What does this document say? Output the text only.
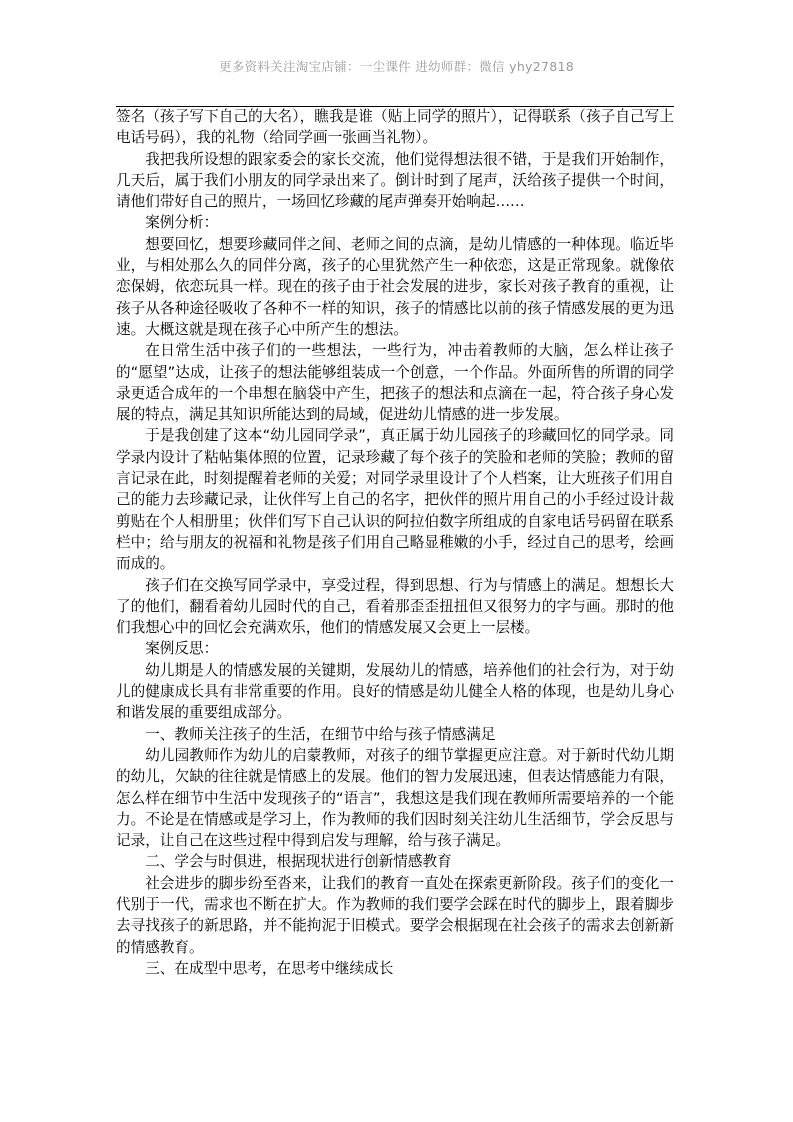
更多资料关注淘宝店铺：一尘课件 进幼师群：微信 yhy27818

签名（孩子写下自己的大名），瞧我是谁（贴上同学的照片），记得联系（孩子自己写上电话号码），我的礼物（给同学画一张画当礼物）。

我把我所设想的跟家委会的家长交流，他们觉得想法很不错，于是我们开始制作，几天后，属于我们小朋友的同学录出来了。倒计时到了尾声，沃给孩子提供一个时间，请他们带好自己的照片，一场回忆珍藏的尾声弹奏开始响起……

案例分析：

想要回忆，想要珍藏同伴之间、老师之间的点滴，是幼儿情感的一种体现。临近毕业，与相处那么久的同伴分离，孩子的心里犹然产生一种依恋，这是正常现象。就像依恋保姆，依恋玩具一样。现在的孩子由于社会发展的进步，家长对孩子教育的重视，让孩子从各种途径吸收了各种不一样的知识，孩子的情感比以前的孩子情感发展的更为迅速。大概这就是现在孩子心中所产生的想法。

在日常生活中孩子们的一些想法，一些行为，冲击着教师的大脑，怎么样让孩子的“愿望”达成，让孩子的想法能够组装成一个创意，一个作品。外面所售的所谓的同学录更适合成年的一个串想在脑袋中产生，把孩子的想法和点滴在一起，符合孩子身心发展的特点，满足其知识所能达到的局域，促进幼儿情感的进一步发展。

于是我创建了这本“幼儿园同学录”，真正属于幼儿园孩子的珍藏回忆的同学录。同学录内设计了粘帖集体照的位置，记录珍藏了每个孩子的笑脸和老师的笑脸；教师的留言记录在此，时刻提醒着老师的关爱；对同学录里设计了个人档案，让大班孩子们用自己的能力去珍藏记录，让伙伴写上自己的名字，把伙伴的照片用自己的小手经过设计裁剪贴在个人相册里；伙伴们写下自己认识的阿拉伯数字所组成的自家电话号码留在联系栏中；给与朋友的祝福和礼物是孩子们用自己略显稚嫩的小手，经过自己的思考，绘画而成的。

孩子们在交换写同学录中，享受过程，得到思想、行为与情感上的满足。想想长大了的他们，翻看着幼儿园时代的自己，看着那歪歪扭扭但又很努力的字与画。那时的他们我想心中的回忆会充满欢乐，他们的情感发展又会更上一层楼。

案例反思：

幼儿期是人的情感发展的关键期，发展幼儿的情感，培养他们的社会行为，对于幼儿的健康成长具有非常重要的作用。良好的情感是幼儿健全人格的体现，也是幼儿身心和谐发展的重要组成部分。

一、教师关注孩子的生活，在细节中给与孩子情感满足

幼儿园教师作为幼儿的启蒙教师，对孩子的细节掌握更应注意。对于新时代幼儿期的幼儿，欠缺的往往就是情感上的发展。他们的智力发展迅速，但表达情感能力有限，怎么样在细节中生活中发现孩子的“语言”，我想这是我们现在教师所需要培养的一个能力。不论是在情感或是学习上，作为教师的我们因时刻关注幼儿生活细节，学会反思与记录，让自己在这些过程中得到启发与理解，给与孩子满足。

二、学会与时俱进，根据现状进行创新情感教育

社会进步的脚步纷至沓来，让我们的教育一直处在探索更新阶段。孩子们的变化一代别于一代，需求也不断在扩大。作为教师的我们要学会踩在时代的脚步上，跟着脚步去寻找孩子的新思路，并不能拘泥于旧模式。要学会根据现在社会孩子的需求去创新新的情感教育。

三、在成型中思考，在思考中继续成长
